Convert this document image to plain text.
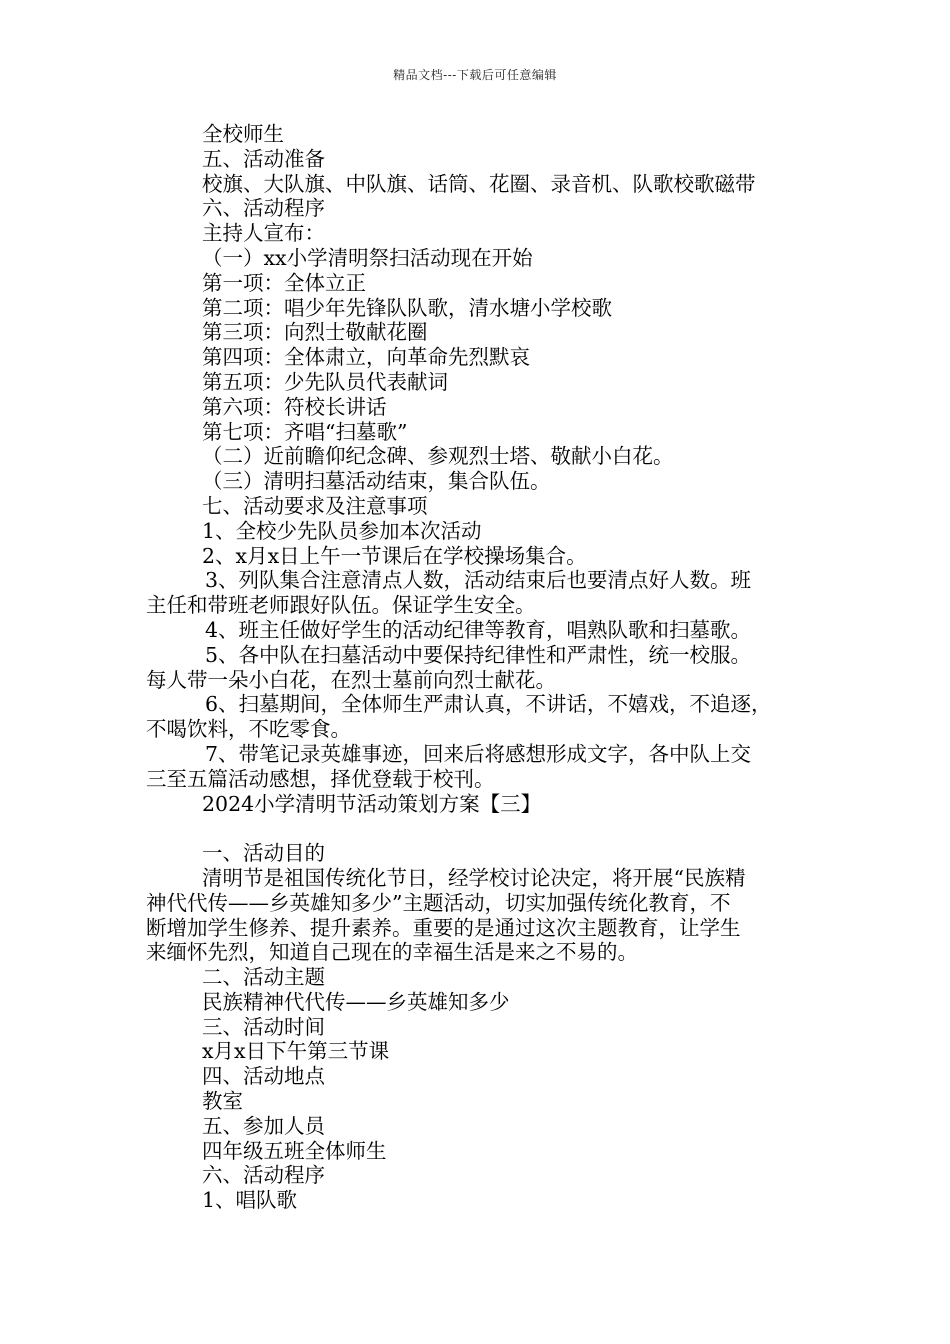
精品文档---下载后可任意编辑

全校师生

五、活动准备

校旗、大队旗、中队旗、话筒、花圈、录音机、队歌校歌磁带

六、活动程序

主持人宣布：

（一）xx小学清明祭扫活动现在开始

第一项：全体立正

第二项：唱少年先锋队队歌，清水塘小学校歌

第三项：向烈士敬献花圈

第四项：全体肃立，向革命先烈默哀

第五项：少先队员代表献词

第六项：符校长讲话

第七项：齐唱“扫墓歌”

（二）近前瞻仰纪念碑、参观烈士塔、敬献小白花。

（三）清明扫墓活动结束，集合队伍。

七、活动要求及注意事项

1、全校少先队员参加本次活动

2、x月x日上午一节课后在学校操场集合。

3、列队集合注意清点人数，活动结束后也要清点好人数。班

主任和带班老师跟好队伍。保证学生安全。

4、班主任做好学生的活动纪律等教育，唱熟队歌和扫墓歌。

5、各中队在扫墓活动中要保持纪律性和严肃性，统一校服。

每人带一朵小白花，在烈士墓前向烈士献花。

6、扫墓期间，全体师生严肃认真，不讲话，不嬉戏，不追逐，

不喝饮料，不吃零食。

7、带笔记录英雄事迹，回来后将感想形成文字，各中队上交

三至五篇活动感想，择优登载于校刊。

2024小学清明节活动策划方案【三】

一、活动目的

清明节是祖国传统化节日，经学校讨论决定，将开展“民族精

神代代传——乡英雄知多少”主题活动，切实加强传统化教育，不

断增加学生修养、提升素养。重要的是通过这次主题教育，让学生

来缅怀先烈，知道自己现在的幸福生活是来之不易的。

二、活动主题

民族精神代代传——乡英雄知多少

三、活动时间

x月x日下午第三节课

四、活动地点

教室

五、参加人员

四年级五班全体师生

六、活动程序

1、唱队歌
